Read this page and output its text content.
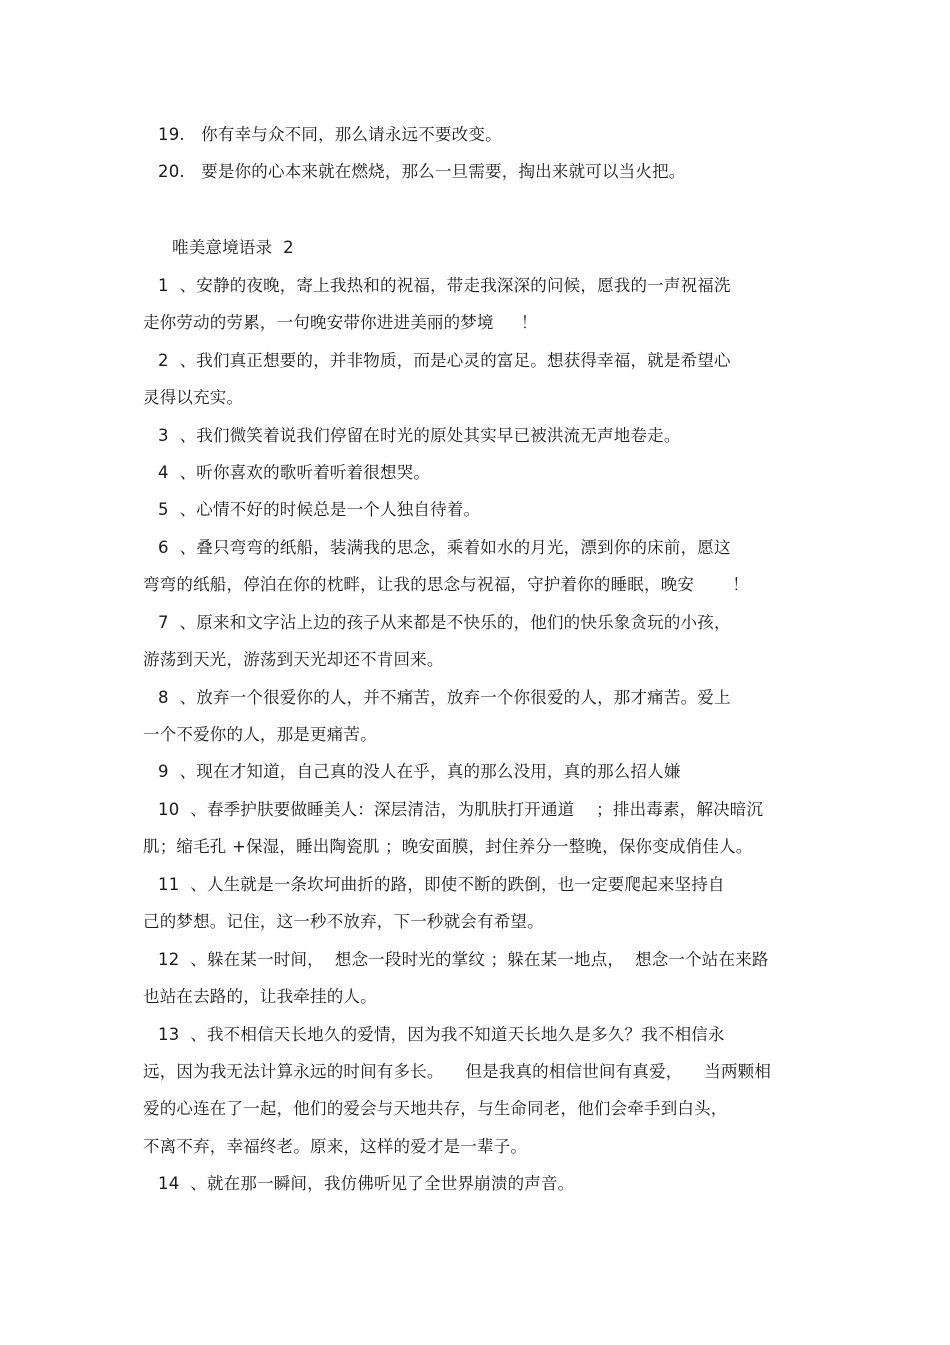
19.   你有幸与众不同，那么请永远不要改变。
20.   要是你的心本来就在燃烧，那么一旦需要，掏出来就可以当火把。
唯美意境语录  2
1  、安静的夜晚，寄上我热和的祝福，带走我深深的问候，愿我的一声祝福洗
走你劳动的劳累，一句晚安带你进进美丽的梦境     ！
2  、我们真正想要的，并非物质，而是心灵的富足。想获得幸福，就是希望心
灵得以充实。
3  、我们微笑着说我们停留在时光的原处其实早已被洪流无声地卷走。
4  、听你喜欢的歌听着听着很想哭。
5  、心情不好的时候总是一个人独自待着。
6  、叠只弯弯的纸船，装满我的思念，乘着如水的月光，漂到你的床前，愿这
弯弯的纸船，停泊在你的枕畔，让我的思念与祝福，守护着你的睡眠，晚安       ！
7  、原来和文字沾上边的孩子从来都是不快乐的，他们的快乐象贪玩的小孩，
游荡到天光，游荡到天光却还不肯回来。
8  、放弃一个很爱你的人，并不痛苦，放弃一个你很爱的人，那才痛苦。爱上
一个不爱你的人，那是更痛苦。
9  、现在才知道，自己真的没人在乎，真的那么没用，真的那么招人嫌
10  、春季护肤要做睡美人：深层清洁，为肌肤打开通道    ；排出毒素，解决暗沉
肌；缩毛孔 +保湿，睡出陶瓷肌 ；晚安面膜，封住养分一整晚，保你变成俏佳人。
11  、人生就是一条坎坷曲折的路，即使不断的跌倒，也一定要爬起来坚持自
己的梦想。记住，这一秒不放弃，下一秒就会有希望。
12  、躲在某一时间，  想念一段时光的掌纹 ；躲在某一地点，  想念一个站在来路
也站在去路的，让我牵挂的人。
13  、我不相信天长地久的爱情，因为我不知道天长地久是多久？我不相信永
远，因为我无法计算永远的时间有多长。    但是我真的相信世间有真爱，    当两颗相
爱的心连在了一起，他们的爱会与天地共存，与生命同老，他们会牵手到白头，
不离不弃，幸福终老。原来，这样的爱才是一辈子。
14  、就在那一瞬间，我仿佛听见了全世界崩溃的声音。
